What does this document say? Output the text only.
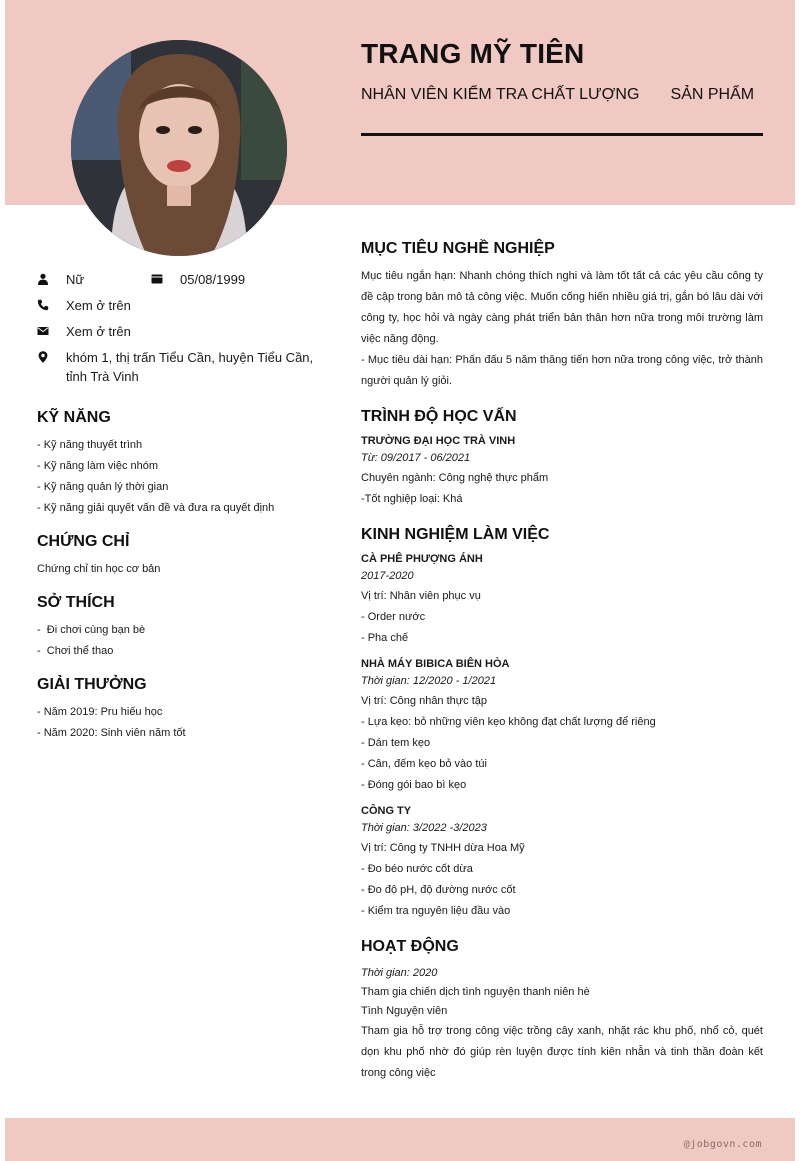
TRANG MỸ TIÊN
NHÂN VIÊN KIỂM TRA CHẤT LƯỢNG       SẢN PHẨM
Nữ	05/08/1999
Xem ở trên
Xem ở trên
khóm 1, thị trấn Tiểu Cần, huyện Tiểu Cần,
tỉnh Trà Vinh
KỸ NĂNG
- Kỹ năng thuyết trình
- Kỹ năng làm việc nhóm
- Kỹ năng quản lý thời gian
- Kỹ năng giải quyết vấn đề và đưa ra quyết định
CHỨNG CHỈ
Chứng chỉ tin học cơ bản
SỞ THÍCH
-  Đi chơi cùng bạn bè
-  Chơi thể thao
GIẢI THƯỞNG
- Năm 2019: Pru hiếu học
- Năm 2020: Sinh viên năm tốt
MỤC TIÊU NGHỀ NGHIỆP

Mục tiêu ngắn hạn: Nhanh chóng thích nghi và làm tốt tất cả các yêu cầu công ty đề cập trong bản mô tả công việc. Muốn cống hiến nhiều giá trị, gắn bó lâu dài với công ty, học hỏi và ngày càng phát triển bản thân hơn nữa trong môi trường làm việc năng động.

- Mục tiêu dài hạn: Phấn đấu 5 năm thăng tiến hơn nữa trong công việc, trở thành người quản lý giỏi.

TRÌNH ĐỘ HỌC VẤN
TRƯỜNG ĐẠI HỌC TRÀ VINH
Từ: 09/2017 - 06/2021
Chuyên ngành: Công nghệ thực phẩm
-Tốt nghiệp loại: Khá
KINH NGHIỆM LÀM VIỆC
CÀ PHÊ PHƯỢNG ÁNH
2017-2020
Vị trí: Nhân viên phục vụ
- Order nước
- Pha chế
NHÀ MÁY BIBICA BIÊN HÒA
Thời gian: 12/2020 - 1/2021
Vị trí: Công nhân thực tập
- Lựa kẹo: bỏ những viên kẹo không đạt chất lượng để riêng
- Dán tem kẹo
- Cân, đếm kẹo bỏ vào túi
- Đóng gói bao bì kẹo
CÔNG TY
Thời gian: 3/2022 -3/2023
Vị trí: Công ty TNHH dừa Hoa Mỹ
- Đo béo nước cốt dừa
- Đo độ pH, độ đường nước cốt
- Kiểm tra nguyên liệu đầu vào
HOẠT ĐỘNG
Thời gian: 2020
Tham gia chiến dịch tình nguyện thanh niên hè
Tình Nguyện viên

Tham gia hỗ trợ trong công việc trồng cây xanh, nhặt rác khu phố, nhổ cỏ, quét dọn khu phố nhờ đó giúp rèn luyện được tính kiên nhẫn và tinh thần đoàn kết trong công việc

@jobgovn.com
